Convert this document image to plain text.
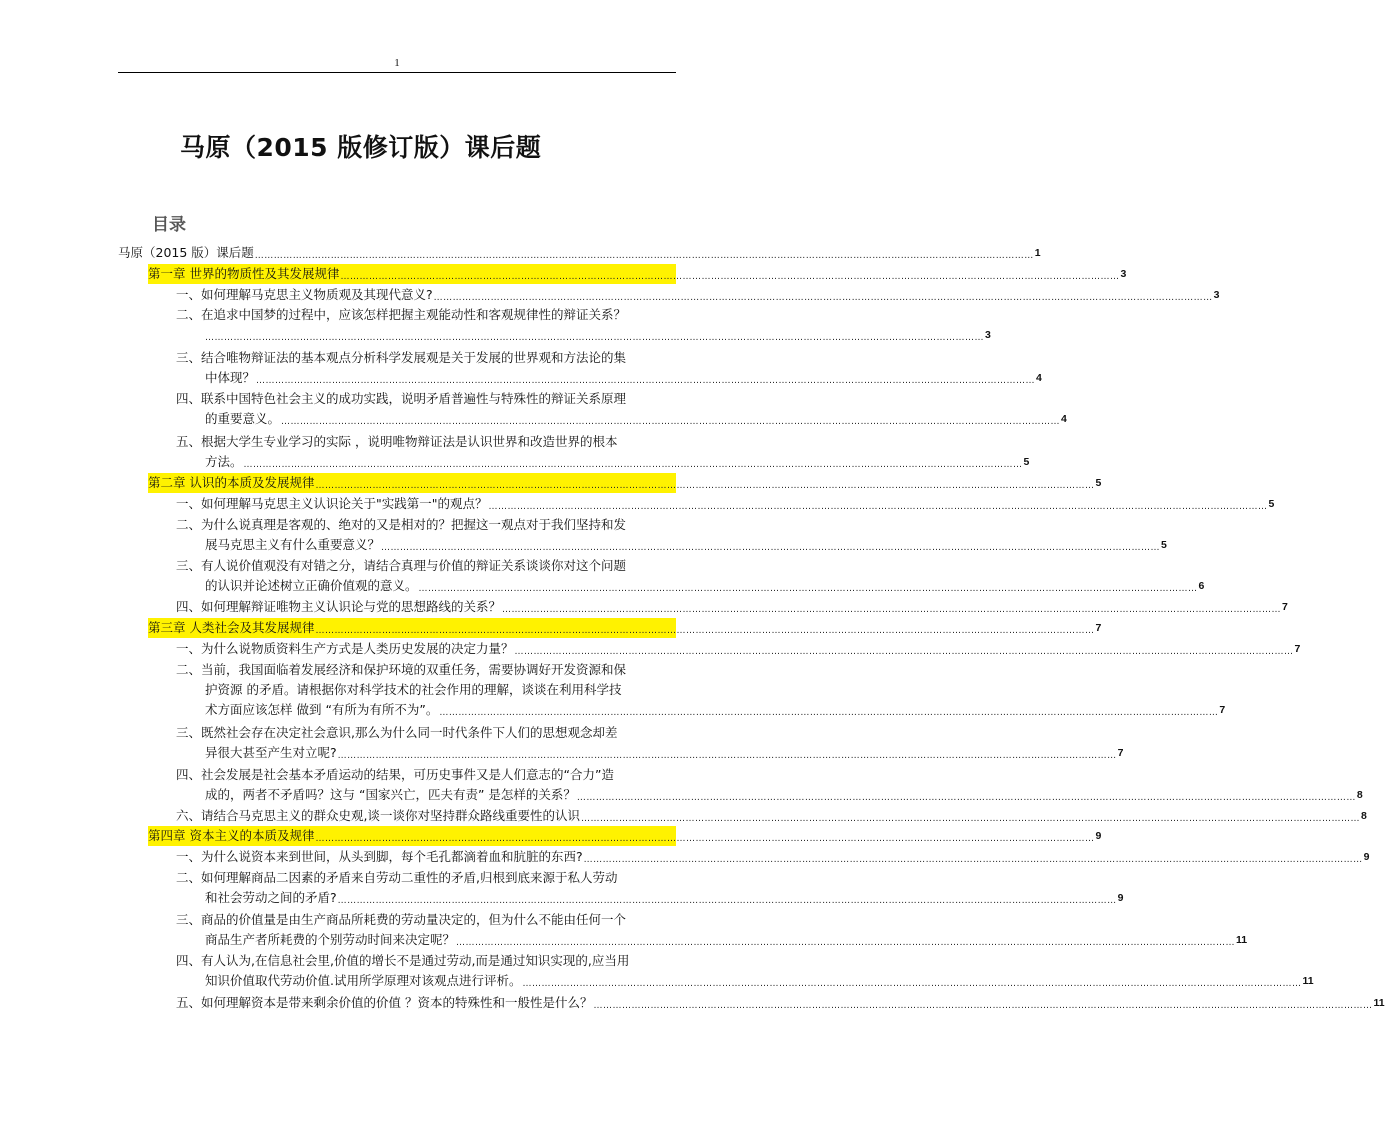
1
马原（2015 版修订版）课后题
目录
马原（2015 版）课后题 ………………………………………………………………………………………………………………………………………………………………………………………………………………………… 1
第一章 世界的物质性及其发展规律 ………………………………………………………………………………………………………………………………………………………………………………………………………………………… 3
一、如何理解马克思主义物质观及其现代意义? ………………………………………………………………………………………………………………………………………………………………………………………………………………………… 3
二、在追求中国梦的过程中，应该怎样把握主观能动性和客观规律性的辩证关系？
………………………………………………………………………………………………………………………………………………………………………………………………………………………… 3
三、结合唯物辩证法的基本观点分析科学发展观是关于发展的世界观和方法论的集
中体现？ ………………………………………………………………………………………………………………………………………………………………………………………………………………………… 4
四、联系中国特色社会主义的成功实践，说明矛盾普遍性与特殊性的辩证关系原理
的重要意义。 ………………………………………………………………………………………………………………………………………………………………………………………………………………………… 4
五、根据大学生专业学习的实际 ，说明唯物辩证法是认识世界和改造世界的根本
方法。 ………………………………………………………………………………………………………………………………………………………………………………………………………………………… 5
第二章 认识的本质及发展规律 ………………………………………………………………………………………………………………………………………………………………………………………………………………………… 5
一、如何理解马克思主义认识论关于"实践第一"的观点？ ………………………………………………………………………………………………………………………………………………………………………………………………………………………… 5
二、为什么说真理是客观的、绝对的又是相对的？把握这一观点对于我们坚持和发
展马克思主义有什么重要意义？ ………………………………………………………………………………………………………………………………………………………………………………………………………………………… 5
三、有人说价值观没有对错之分，请结合真理与价值的辩证关系谈谈你对这个问题
的认识并论述树立正确价值观的意义。 ………………………………………………………………………………………………………………………………………………………………………………………………………………………… 6
四、如何理解辩证唯物主义认识论与党的思想路线的关系？ ………………………………………………………………………………………………………………………………………………………………………………………………………………………… 7
第三章 人类社会及其发展规律 ………………………………………………………………………………………………………………………………………………………………………………………………………………………… 7
一、为什么说物质资料生产方式是人类历史发展的决定力量？ ………………………………………………………………………………………………………………………………………………………………………………………………………………………… 7
二、当前，我国面临着发展经济和保护环境的双重任务，需要协调好开发资源和保
护资源 的矛盾。请根据你对科学技术的社会作用的理解，谈谈在利用科学技
术方面应该怎样 做到 “有所为有所不为”。 ………………………………………………………………………………………………………………………………………………………………………………………………………………………… 7
三、既然社会存在决定社会意识,那么为什么同一时代条件下人们的思想观念却差
异很大甚至产生对立呢? ………………………………………………………………………………………………………………………………………………………………………………………………………………………… 7
四、社会发展是社会基本矛盾运动的结果，可历史事件又是人们意志的“合力”造
成的，两者不矛盾吗？这与 “国家兴亡，匹夫有责” 是怎样的关系？ ………………………………………………………………………………………………………………………………………………………………………………………………………………………… 8
六、请结合马克思主义的群众史观,谈一谈你对坚持群众路线重要性的认识 ………………………………………………………………………………………………………………………………………………………………………………………………………………………… 8
第四章 资本主义的本质及规律 ………………………………………………………………………………………………………………………………………………………………………………………………………………………… 9
一、为什么说资本来到世间，从头到脚，每个毛孔都滴着血和肮脏的东西? ………………………………………………………………………………………………………………………………………………………………………………………………………………………… 9
二、如何理解商品二因素的矛盾来自劳动二重性的矛盾,归根到底来源于私人劳动
和社会劳动之间的矛盾? ………………………………………………………………………………………………………………………………………………………………………………………………………………………… 9
三、商品的价值量是由生产商品所耗费的劳动量决定的，但为什么不能由任何一个
商品生产者所耗费的个别劳动时间来决定呢？ ………………………………………………………………………………………………………………………………………………………………………………………………………………………… 11
四、有人认为,在信息社会里,价值的增长不是通过劳动,而是通过知识实现的,应当用
知识价值取代劳动价值.试用所学原理对该观点进行评析。 ………………………………………………………………………………………………………………………………………………………………………………………………………………………… 11
五、如何理解资本是带来剩余价值的价值 ？资本的特殊性和一般性是什么？ ………………………………………………………………………………………………………………………………………………………………………………………………………………………… 11
